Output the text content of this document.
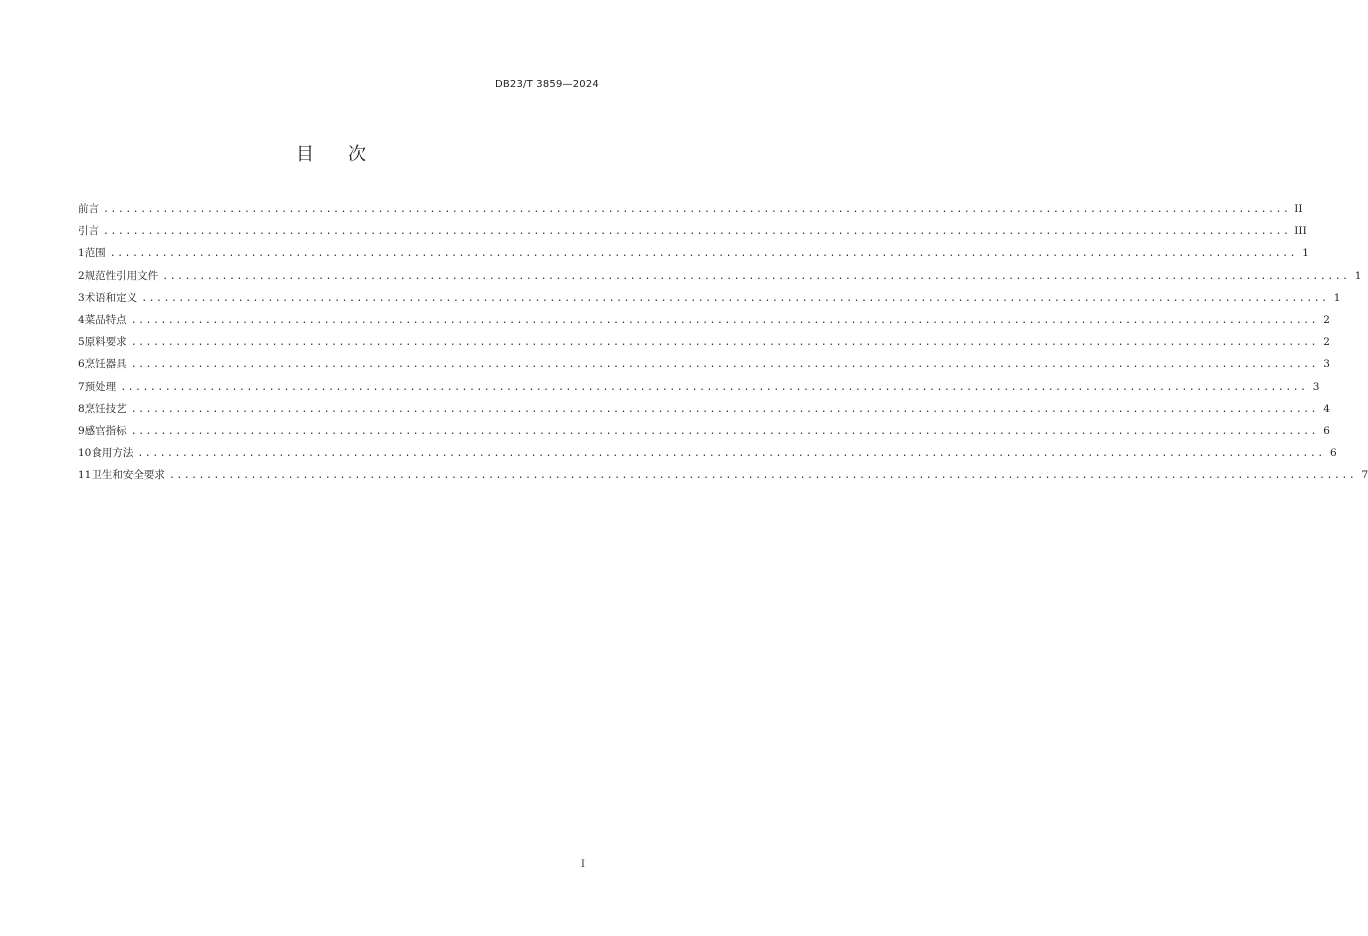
DB23/T 3859—2024
目 次
前言 ................................................................................................................................................................ II
引言 ................................................................................................................................................................ III
1 范围 ................................................................................................................................................................ 1
2 规范性引用文件 ................................................................................................................................................................ 1
3 术语和定义 ................................................................................................................................................................ 1
4 菜品特点 ................................................................................................................................................................ 2
5 原料要求 ................................................................................................................................................................ 2
6 烹饪器具 ................................................................................................................................................................ 3
7 预处理 ................................................................................................................................................................ 3
8 烹饪技艺 ................................................................................................................................................................ 4
9 感官指标 ................................................................................................................................................................ 6
10 食用方法 ................................................................................................................................................................ 6
11 卫生和安全要求 ................................................................................................................................................................ 7
I
